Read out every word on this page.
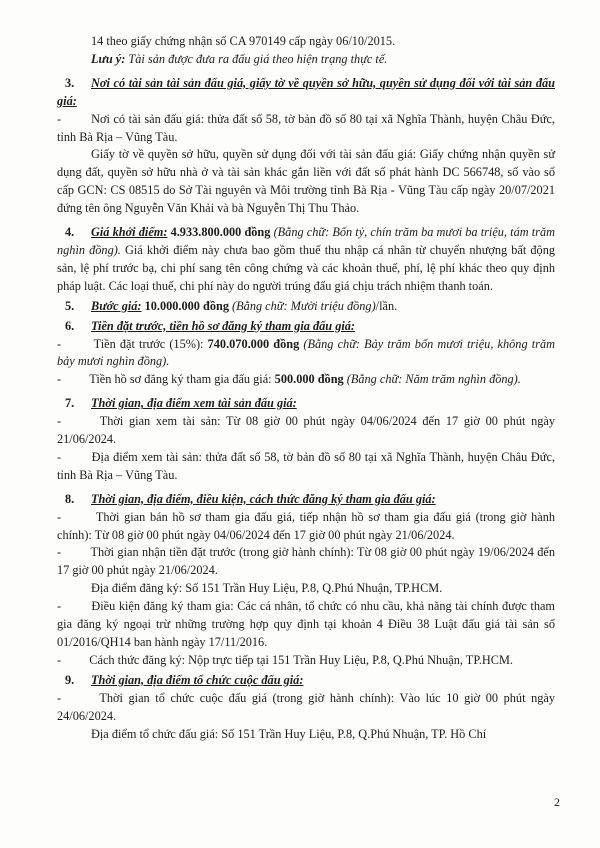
14 theo giấy chứng nhận số CA 970149 cấp ngày 06/10/2015.

Lưu ý: Tài sản được đưa ra đấu giá theo hiện trạng thực tế.

3. Nơi có tài sản tài sản đấu giá, giấy tờ về quyền sở hữu, quyền sử dụng đối với tài sản đấu giá:

- Nơi có tài sản đấu giá: thửa đất số 58, tờ bản đồ số 80 tại xã Nghĩa Thành, huyện Châu Đức, tỉnh Bà Rịa – Vũng Tàu.

Giấy tờ về quyền sở hữu, quyền sử dụng đối với tài sản đấu giá: Giấy chứng nhận quyền sử dụng đất, quyền sở hữu nhà ở và tài sản khác gắn liền với đất số phát hành DC 566748, số vào sổ cấp GCN: CS 08515 do Sở Tài nguyên và Môi trường tỉnh Bà Rịa - Vũng Tàu cấp ngày 20/07/2021 đứng tên ông Nguyễn Văn Khải và bà Nguyễn Thị Thu Thảo.

4. Giá khởi điểm: 4.933.800.000 đồng (Bằng chữ: Bốn tỷ, chín trăm ba mươi ba triệu, tám trăm nghìn đồng). Giá khởi điểm này chưa bao gồm thuế thu nhập cá nhân từ chuyển nhượng bất động sản, lệ phí trước bạ, chi phí sang tên công chứng và các khoản thuế, phí, lệ phí khác theo quy định pháp luật. Các loại thuế, chi phí này do người trúng đấu giá chịu trách nhiệm thanh toán.

5. Bước giá: 10.000.000 đồng (Bằng chữ: Mười triệu đồng)/lần.

6. Tiền đặt trước, tiền hồ sơ đăng ký tham gia đấu giá:

-	Tiền đặt trước (15%): 740.070.000 đồng (Bằng chữ: Bảy trăm bốn mươi triệu, không trăm bảy mươi nghìn đồng).

- Tiền hồ sơ đăng ký tham gia đấu giá: 500.000 đồng (Bằng chữ: Năm trăm nghìn đồng).

7. Thời gian, địa điểm xem tài sản đấu giá:

-	Thời gian xem tài sản: Từ 08 giờ 00 phút ngày 04/06/2024 đến 17 giờ 00 phút ngày 21/06/2024.

- Địa điểm xem tài sản: thửa đất số 58, tờ bản đồ số 80 tại xã Nghĩa Thành, huyện Châu Đức, tỉnh Bà Rịa – Vũng Tàu.

8. Thời gian, địa điểm, điều kiện, cách thức đăng ký tham gia đấu giá:

-	Thời gian bán hồ sơ tham gia đấu giá, tiếp nhận hồ sơ tham gia đấu giá (trong giờ hành chính): Từ 08 giờ 00 phút ngày 04/06/2024 đến 17 giờ 00 phút ngày 21/06/2024.

- Thời gian nhận tiền đặt trước (trong giờ hành chính): Từ 08 giờ 00 phút ngày 19/06/2024 đến 17 giờ 00 phút ngày 21/06/2024.

Địa điểm đăng ký: Số 151 Trần Huy Liệu, P.8, Q.Phú Nhuận, TP.HCM.

- Điều kiện đăng ký tham gia: Các cá nhân, tổ chức có nhu cầu, khả năng tài chính được tham gia đăng ký ngoại trừ những trường hợp quy định tại khoản 4 Điều 38 Luật đấu giá tài sản số 01/2016/QH14 ban hành ngày 17/11/2016.

- Cách thức đăng ký: Nộp trực tiếp tại 151 Trần Huy Liệu, P.8, Q.Phú Nhuận, TP.HCM.

9. Thời gian, địa điểm tổ chức cuộc đấu giá:

-	Thời gian tổ chức cuộc đấu giá (trong giờ hành chính): Vào lúc 10 giờ 00 phút ngày 24/06/2024.

Địa điểm tổ chức đấu giá: Số 151 Trần Huy Liệu, P.8, Q.Phú Nhuận, TP. Hồ Chí

2
